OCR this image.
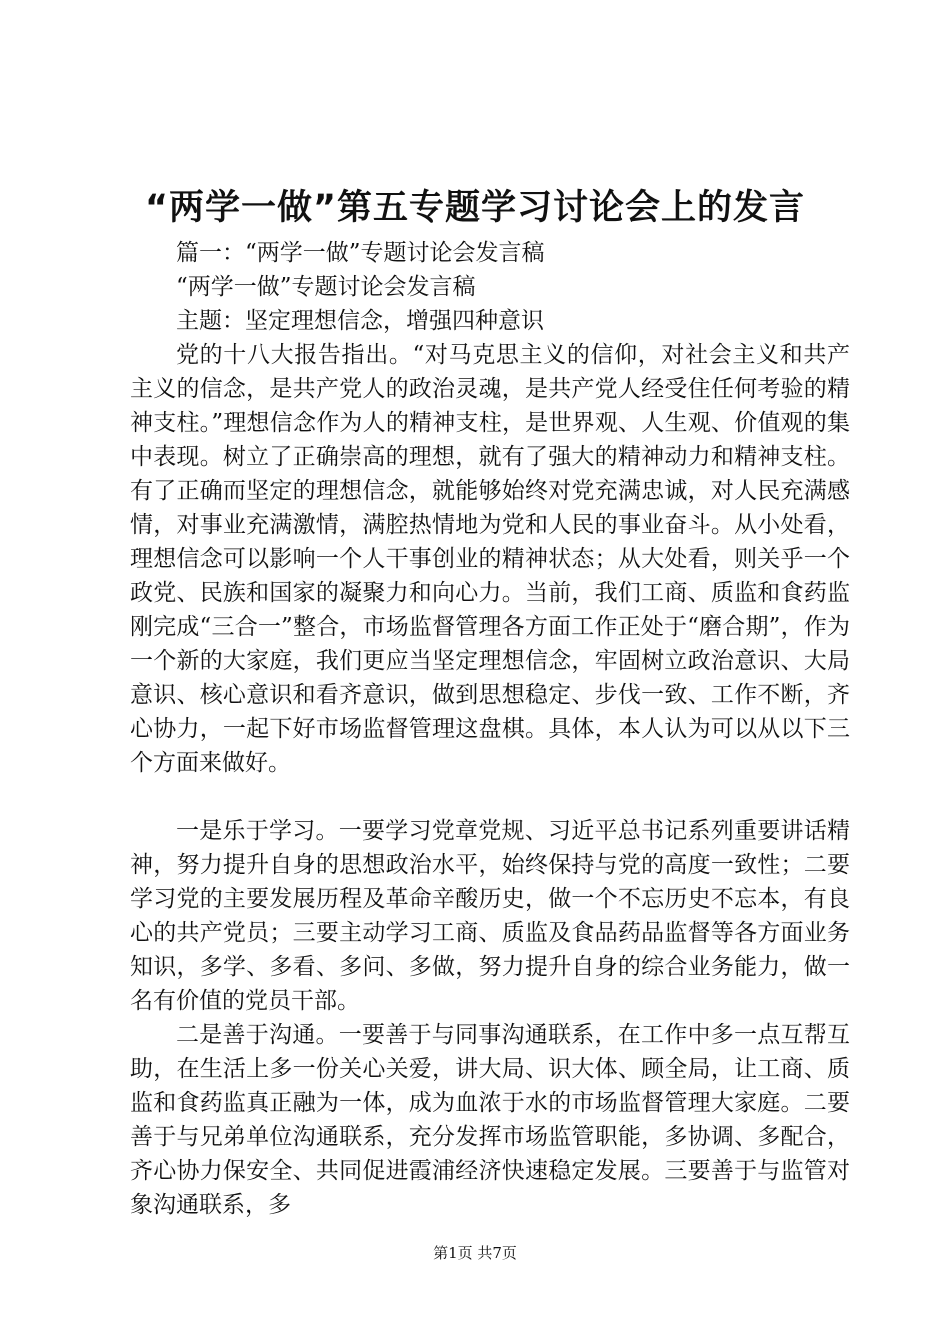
“两学一做”第五专题学习讨论会上的发言

篇一：“两学一做”专题讨论会发言稿

“两学一做”专题讨论会发言稿

主题：坚定理想信念，增强四种意识

党的十八大报告指出。“对马克思主义的信仰，对社会主义和共产主义的信念，是共产党人的政治灵魂，是共产党人经受住任何考验的精神支柱。”理想信念作为人的精神支柱，是世界观、人生观、价值观的集中表现。树立了正确崇高的理想，就有了强大的精神动力和精神支柱。有了正确而坚定的理想信念，就能够始终对党充满忠诚，对人民充满感情，对事业充满激情，满腔热情地为党和人民的事业奋斗。从小处看，理想信念可以影响一个人干事创业的精神状态；从大处看，则关乎一个政党、民族和国家的凝聚力和向心力。当前，我们工商、质监和食药监刚完成“三合一”整合，市场监督管理各方面工作正处于“磨合期”，作为一个新的大家庭，我们更应当坚定理想信念，牢固树立政治意识、大局意识、核心意识和看齐意识，做到思想稳定、步伐一致、工作不断，齐心协力，一起下好市场监督管理这盘棋。具体，本人认为可以从以下三个方面来做好。

一是乐于学习。一要学习党章党规、习近平总书记系列重要讲话精神，努力提升自身的思想政治水平，始终保持与党的高度一致性；二要学习党的主要发展历程及革命辛酸历史，做一个不忘历史不忘本，有良心的共产党员；三要主动学习工商、质监及食品药品监督等各方面业务知识，多学、多看、多问、多做，努力提升自身的综合业务能力，做一名有价值的党员干部。

二是善于沟通。一要善于与同事沟通联系，在工作中多一点互帮互助，在生活上多一份关心关爱，讲大局、识大体、顾全局，让工商、质监和食药监真正融为一体，成为血浓于水的市场监督管理大家庭。二要善于与兄弟单位沟通联系，充分发挥市场监管职能，多协调、多配合，齐心协力保安全、共同促进霞浦经济快速稳定发展。三要善于与监管对象沟通联系，多

第1页 共7页
